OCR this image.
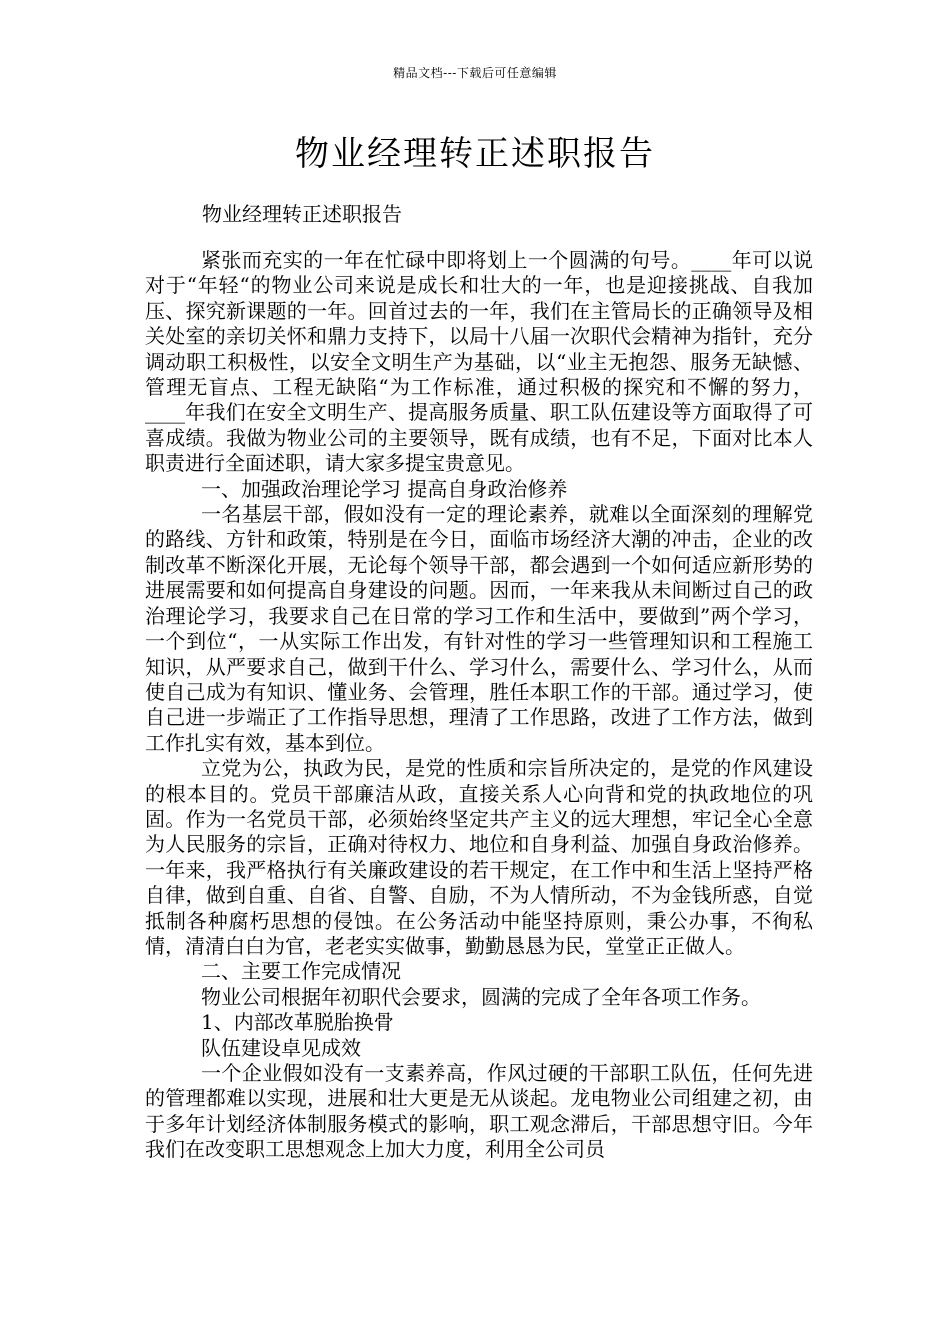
精品文档---下载后可任意编辑
物业经理转正述职报告
物业经理转正述职报告

紧张而充实的一年在忙碌中即将划上一个圆满的句号。____年可以说对于“年轻“的物业公司来说是成长和壮大的一年，也是迎接挑战、自我加压、探究新课题的一年。回首过去的一年，我们在主管局长的正确领导及相关处室的亲切关怀和鼎力支持下，以局十八届一次职代会精神为指针，充分调动职工积极性，以安全文明生产为基础，以“业主无抱怨、服务无缺憾、管理无盲点、工程无缺陷“为工作标准，通过积极的探究和不懈的努力，____年我们在安全文明生产、提高服务质量、职工队伍建设等方面取得了可喜成绩。我做为物业公司的主要领导，既有成绩，也有不足，下面对比本人职责进行全面述职，请大家多提宝贵意见。

一、加强政治理论学习 提高自身政治修养

一名基层干部，假如没有一定的理论素养，就难以全面深刻的理解党的路线、方针和政策，特别是在今日，面临市场经济大潮的冲击，企业的改制改革不断深化开展，无论每个领导干部，都会遇到一个如何适应新形势的进展需要和如何提高自身建设的问题。因而，一年来我从未间断过自己的政治理论学习，我要求自己在日常的学习工作和生活中，要做到”两个学习，一个到位“，一从实际工作出发，有针对性的学习一些管理知识和工程施工知识，从严要求自己，做到干什么、学习什么，需要什么、学习什么，从而使自己成为有知识、懂业务、会管理，胜任本职工作的干部。通过学习，使自己进一步端正了工作指导思想，理清了工作思路，改进了工作方法，做到工作扎实有效，基本到位。

立党为公，执政为民，是党的性质和宗旨所决定的，是党的作风建设的根本目的。党员干部廉洁从政，直接关系人心向背和党的执政地位的巩固。作为一名党员干部，必须始终坚定共产主义的远大理想，牢记全心全意为人民服务的宗旨，正确对待权力、地位和自身利益、加强自身政治修养。一年来，我严格执行有关廉政建设的若干规定，在工作中和生活上坚持严格自律，做到自重、自省、自警、自励，不为人情所动，不为金钱所惑，自觉抵制各种腐朽思想的侵蚀。在公务活动中能坚持原则，秉公办事，不徇私情，清清白白为官，老老实实做事，勤勤恳恳为民，堂堂正正做人。

二、主要工作完成情况

物业公司根据年初职代会要求，圆满的完成了全年各项工作务。

1、内部改革脱胎换骨

队伍建设卓见成效

一个企业假如没有一支素养高，作风过硬的干部职工队伍，任何先进的管理都难以实现，进展和壮大更是无从谈起。龙电物业公司组建之初，由于多年计划经济体制服务模式的影响，职工观念滞后，干部思想守旧。今年我们在改变职工思想观念上加大力度，利用全公司员
